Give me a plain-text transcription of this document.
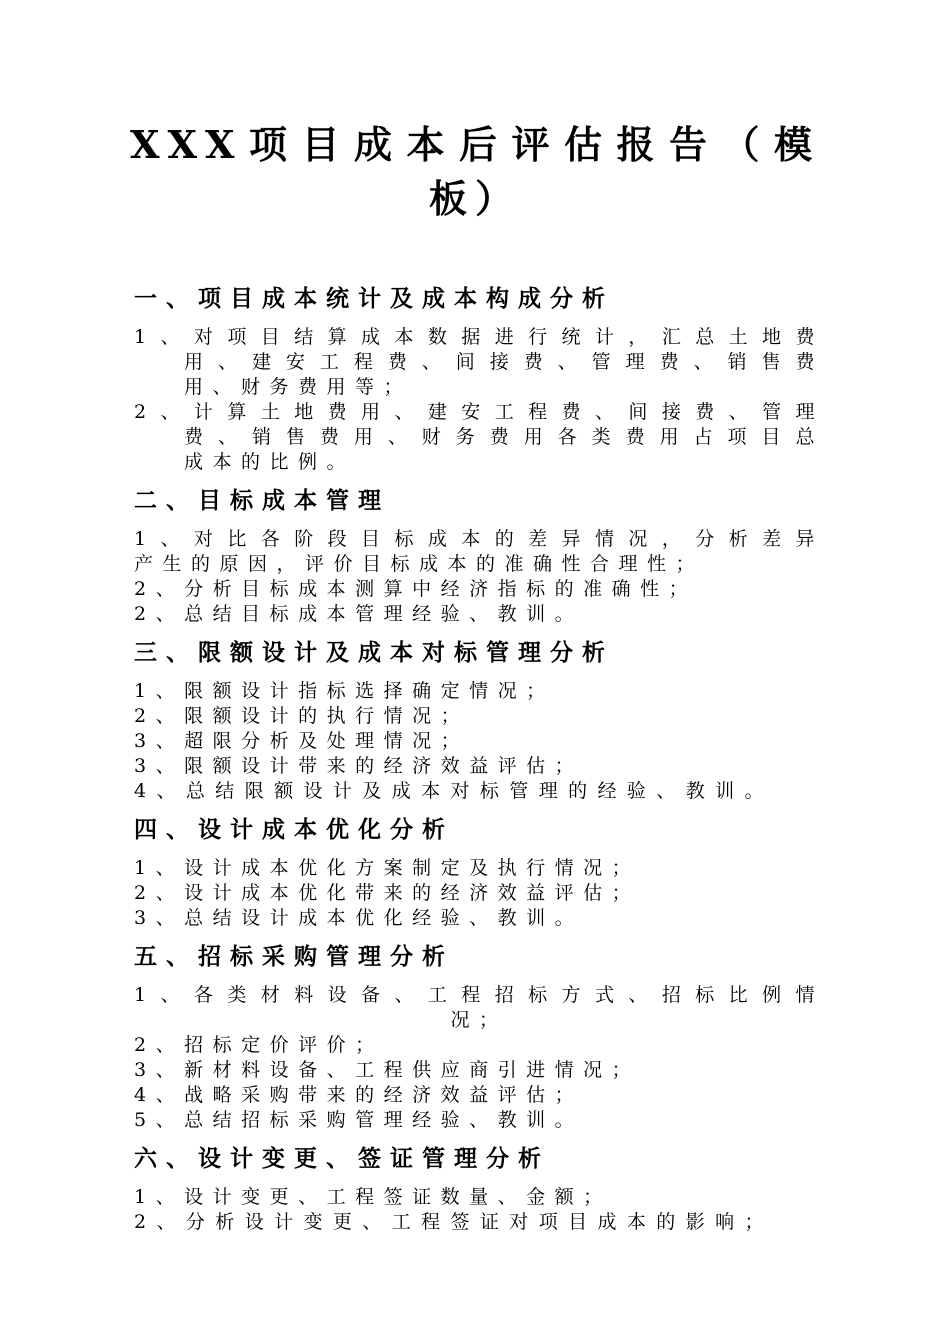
XXX项目成本后评估报告（模
板）

一、项目成本统计及成本构成分析

1、对项目结算成本数据进行统计，汇总土地费

用、建安工程费、间接费、管理费、销售费

用、财务费用等；

2、计算土地费用、建安工程费、间接费、管理

费、销售费用、财务费用各类费用占项目总

成本的比例。

二、目标成本管理

1、对比各阶段目标成本的差异情况，分析差异

产生的原因，评价目标成本的准确性合理性；

2、分析目标成本测算中经济指标的准确性；

2、总结目标成本管理经验、教训。

三、限额设计及成本对标管理分析

1、限额设计指标选择确定情况；

2、限额设计的执行情况；

3、超限分析及处理情况；

3、限额设计带来的经济效益评估；

4、总结限额设计及成本对标管理的经验、教训。

四、设计成本优化分析

1、设计成本优化方案制定及执行情况；

2、设计成本优化带来的经济效益评估；

3、总结设计成本优化经验、教训。

五、招标采购管理分析

1、各类材料设备、工程招标方式、招标比例情

况；

2、招标定价评价；

3、新材料设备、工程供应商引进情况；

4、战略采购带来的经济效益评估；

5、总结招标采购管理经验、教训。

六、设计变更、签证管理分析

1、设计变更、工程签证数量、金额；

2、分析设计变更、工程签证对项目成本的影响；
